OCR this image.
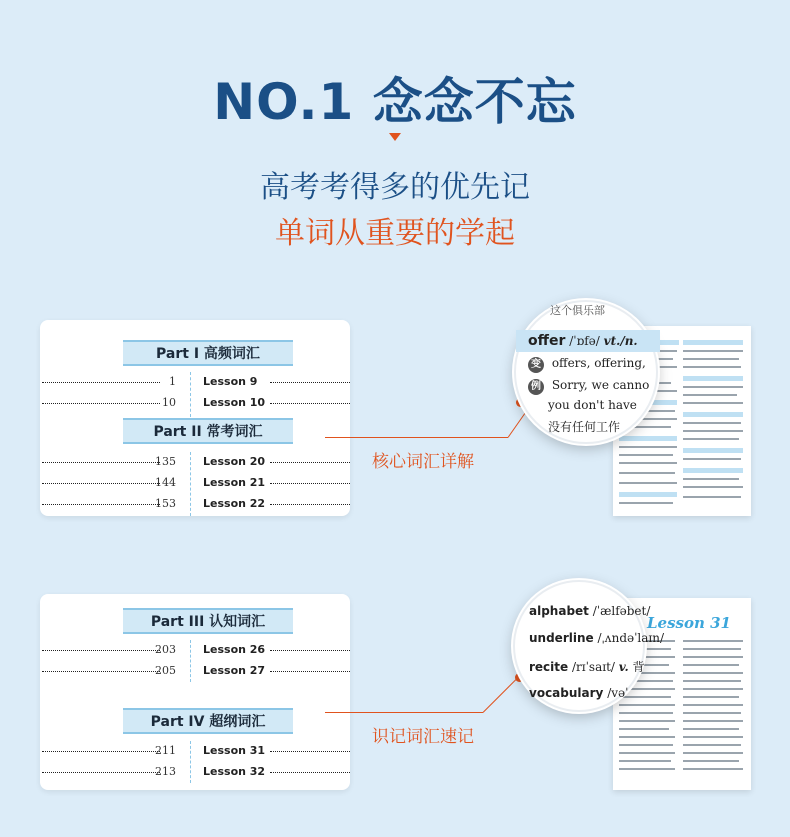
NO.1 念念不忘
高考考得多的优先记
单词从重要的学起
Part I 高频词汇
1 Lesson 9
10 Lesson 10
Part II 常考词汇
135 Lesson 20
144 Lesson 21
153 Lesson 22
Part III 认知词汇
203 Lesson 26
205 Lesson 27
Part IV 超纲词汇
211 Lesson 31
213 Lesson 32
核心词汇详解
识记词汇速记
Lesson 31
这个俱乐部
offer /ˈɒfə/ vt./n.
变 offers, offering,
例 Sorry, we canno
you don't have
没有任何工作
alphabet /ˈælfəbet/
underline /ˌʌndəˈlaɪn/
recite /rɪˈsaɪt/ v. 背
vocabulary /vəˈ
